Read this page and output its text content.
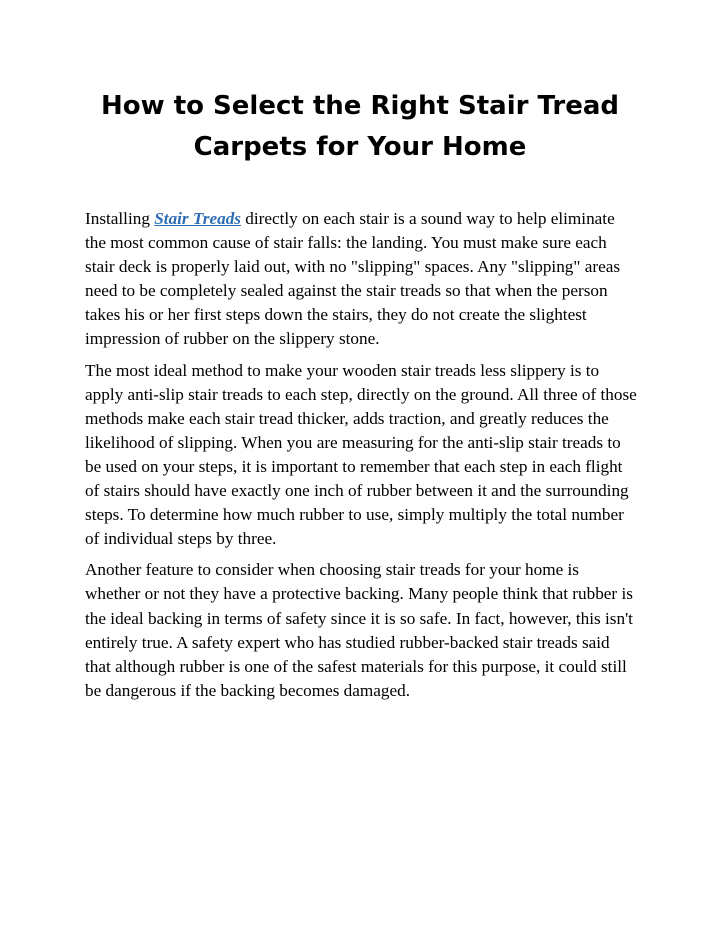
How to Select the Right Stair Tread Carpets for Your Home

Installing Stair Treads directly on each stair is a sound way to help eliminate the most common cause of stair falls: the landing. You must make sure each stair deck is properly laid out, with no "slipping" spaces. Any "slipping" areas need to be completely sealed against the stair treads so that when the person takes his or her first steps down the stairs, they do not create the slightest impression of rubber on the slippery stone.

The most ideal method to make your wooden stair treads less slippery is to apply anti-slip stair treads to each step, directly on the ground. All three of those methods make each stair tread thicker, adds traction, and greatly reduces the likelihood of slipping. When you are measuring for the anti-slip stair treads to be used on your steps, it is important to remember that each step in each flight of stairs should have exactly one inch of rubber between it and the surrounding steps. To determine how much rubber to use, simply multiply the total number of individual steps by three.

Another feature to consider when choosing stair treads for your home is whether or not they have a protective backing. Many people think that rubber is the ideal backing in terms of safety since it is so safe. In fact, however, this isn't entirely true. A safety expert who has studied rubber-backed stair treads said that although rubber is one of the safest materials for this purpose, it could still be dangerous if the backing becomes damaged.
